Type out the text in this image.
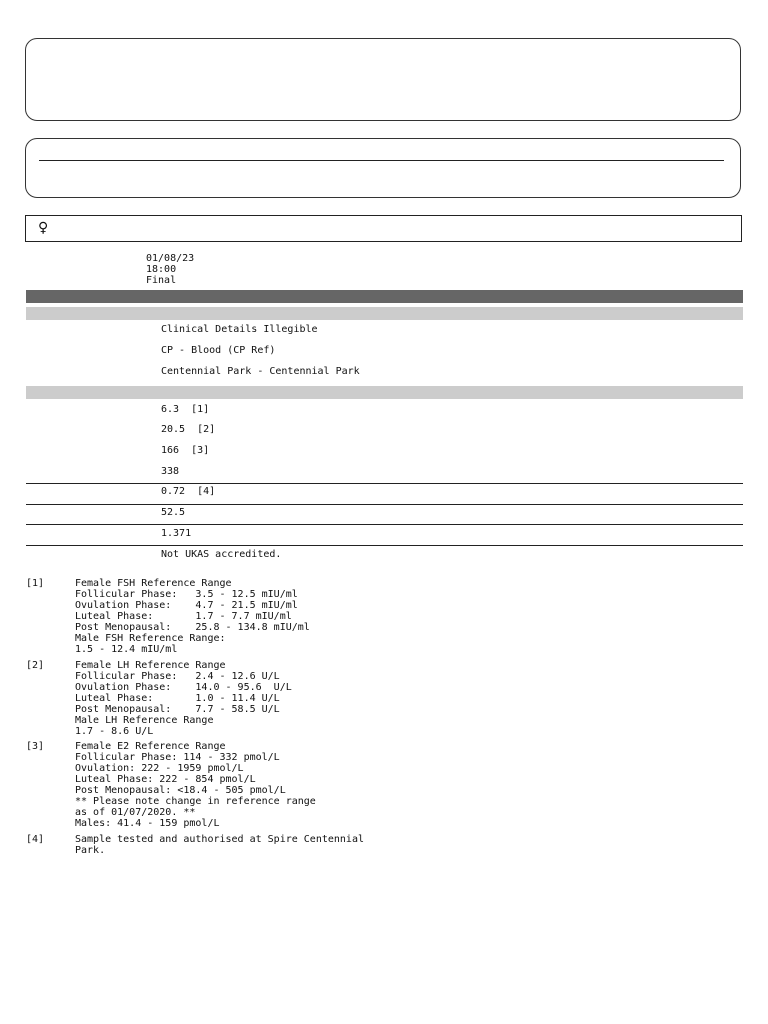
♀
01/08/23
18:00
Final
Clinical Details Illegible
CP - Blood (CP Ref)
Centennial Park - Centennial Park
6.3 [1]
20.5 [2]
166 [3]
338
0.72 [4]
52.5
1.371
Not UKAS accredited.
[1]	Female FSH Reference Range
Follicular Phase:   3.5 - 12.5 mIU/ml
Ovulation Phase:    4.7 - 21.5 mIU/ml
Luteal Phase:       1.7 - 7.7 mIU/ml
Post Menopausal:    25.8 - 134.8 mIU/ml
Male FSH Reference Range:
1.5 - 12.4 mIU/ml
[2]	Female LH Reference Range
Follicular Phase:   2.4 - 12.6 U/L
Ovulation Phase:    14.0 - 95.6  U/L
Luteal Phase:       1.0 - 11.4 U/L
Post Menopausal:    7.7 - 58.5 U/L
Male LH Reference Range
1.7 - 8.6 U/L
[3]	Female E2 Reference Range
Follicular Phase: 114 - 332 pmol/L
Ovulation: 222 - 1959 pmol/L
Luteal Phase: 222 - 854 pmol/L
Post Menopausal: <18.4 - 505 pmol/L
** Please note change in reference range
as of 01/07/2020. **
Males: 41.4 - 159 pmol/L
[4]	Sample tested and authorised at Spire Centennial
Park.
